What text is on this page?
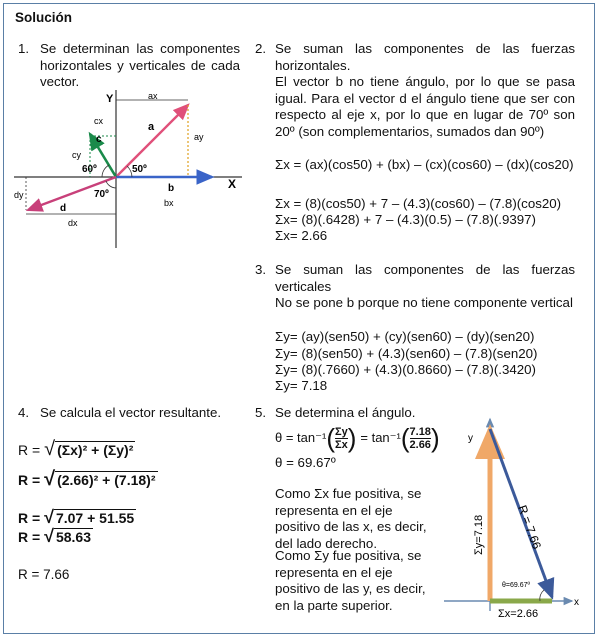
Solución
1. Se determinan las componentes horizontales y verticales de cada vector.
Y
X
a
ax
ay
b
bx
c
cx
cy
d
dy
dx
50º
60º
70º
2. Se suman las componentes de las fuerzas horizontales.
El vector b no tiene ángulo, por lo que se pasa igual. Para el vector d el ángulo tiene que ser con respecto al eje x, por lo que en lugar de 70º son 20º (son complementarios, sumados dan 90º)
Σx = (ax)(cos50) + (bx) – (cx)(cos60) – (dx)(cos20)
Σx = (8)(cos50) + 7 – (4.3)(cos60) – (7.8)(cos20)
Σx= (8)(.6428) + 7 – (4.3)(0.5) – (7.8)(.9397)
Σx= 2.66
3. Se suman las componentes de las fuerzas verticales
No se pone b porque no tiene componente vertical
Σy= (ay)(sen50) + (cy)(sen60) – (dy)(sen20)
Σy= (8)(sen50) + (4.3)(sen60) – (7.8)(sen20)
Σy= (8)(.7660) + (4.3)(0.8660) – (7.8)(.3420)
Σy= 7.18
4. Se calcula el vector resultante.
R = √ (Σx)² + (Σy)²
R = √ (2.66)² + (7.18)²
R = √ 7.07 + 51.55
R = √ 58.63
R = 7.66
5. Se determina el ángulo.
θ = tan⁻¹ ( Σy
Σx ) = tan⁻¹ ( 7.18
2.66 )
θ = 69.67º
Como Σx fue positiva, se representa en el eje positivo de las x, es decir, del lado derecho.
Como Σy fue positiva, se representa en el eje positivo de las y, es decir, en la parte superior.
y
x
R = 7.66
Σy=7.18
Σx=2.66
θ=69.67º
